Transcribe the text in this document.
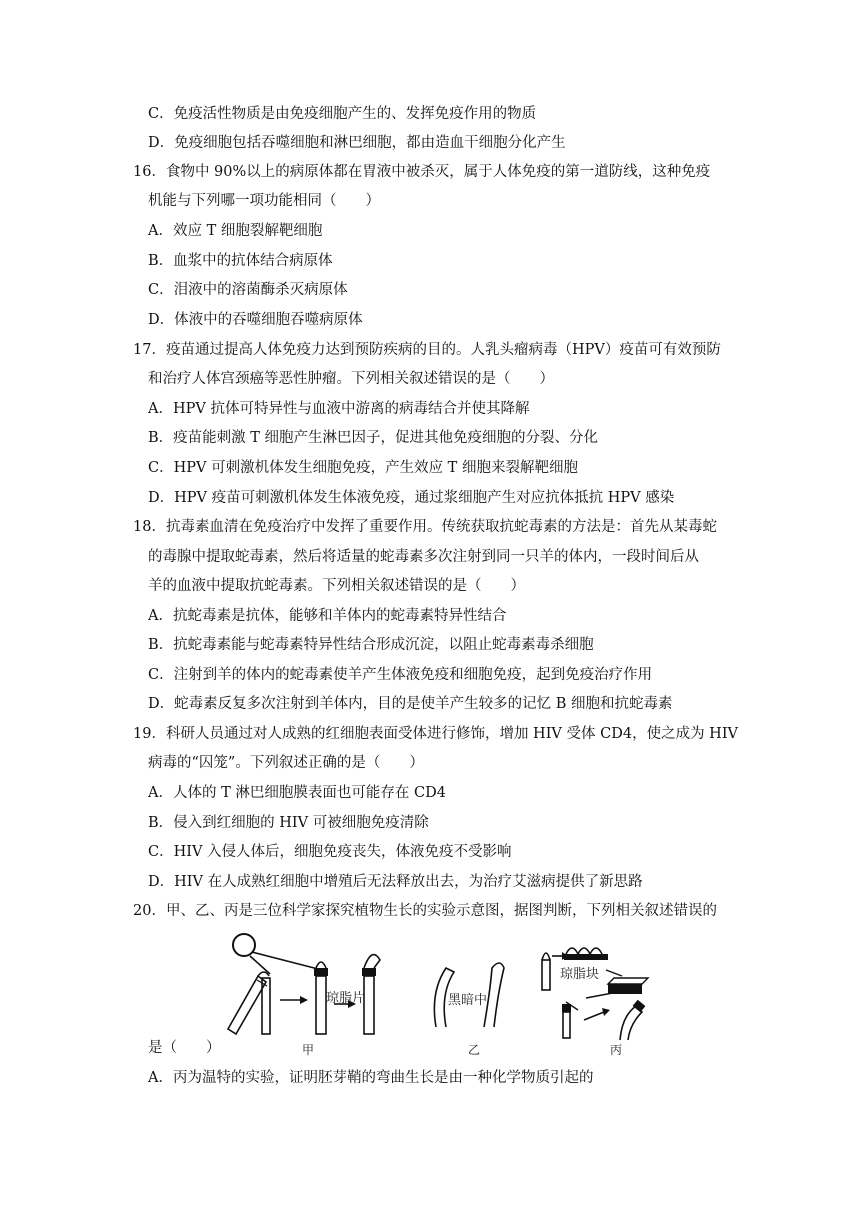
C．免疫活性物质是由免疫细胞产生的、发挥免疫作用的物质
D．免疫细胞包括吞噬细胞和淋巴细胞，都由造血干细胞分化产生
16．食物中 90%以上的病原体都在胃液中被杀灭，属于人体免疫的第一道防线，这种免疫
机能与下列哪一项功能相同（　　）
A．效应 T 细胞裂解靶细胞
B．血浆中的抗体结合病原体
C．泪液中的溶菌酶杀灭病原体
D．体液中的吞噬细胞吞噬病原体
17．疫苗通过提高人体免疫力达到预防疾病的目的。人乳头瘤病毒（HPV）疫苗可有效预防
和治疗人体宫颈癌等恶性肿瘤。下列相关叙述错误的是（　　）
A．HPV 抗体可特异性与血液中游离的病毒结合并使其降解
B．疫苗能刺激 T 细胞产生淋巴因子，促进其他免疫细胞的分裂、分化
C．HPV 可刺激机体发生细胞免疫，产生效应 T 细胞来裂解靶细胞
D．HPV 疫苗可刺激机体发生体液免疫，通过浆细胞产生对应抗体抵抗 HPV 感染
18．抗毒素血清在免疫治疗中发挥了重要作用。传统获取抗蛇毒素的方法是：首先从某毒蛇
的毒腺中提取蛇毒素，然后将适量的蛇毒素多次注射到同一只羊的体内，一段时间后从
羊的血液中提取抗蛇毒素。下列相关叙述错误的是（　　）
A．抗蛇毒素是抗体，能够和羊体内的蛇毒素特异性结合
B．抗蛇毒素能与蛇毒素特异性结合形成沉淀，以阻止蛇毒素毒杀细胞
C．注射到羊的体内的蛇毒素使羊产生体液免疫和细胞免疫，起到免疫治疗作用
D．蛇毒素反复多次注射到羊体内，目的是使羊产生较多的记忆 B 细胞和抗蛇毒素
19．科研人员通过对人成熟的红细胞表面受体进行修饰，增加 HIV 受体 CD4，使之成为 HIV
病毒的“囚笼”。下列叙述正确的是（　　）
A．人体的 T 淋巴细胞膜表面也可能存在 CD4
B．侵入到红细胞的 HIV 可被细胞免疫清除
C．HIV 入侵人体后，细胞免疫丧失，体液免疫不受影响
D．HIV 在人成熟红细胞中增殖后无法释放出去，为治疗艾滋病提供了新思路
20．甲、乙、丙是三位科学家探究植物生长的实验示意图，据图判断，下列相关叙述错误的
琼脂片
甲
黑暗中
乙
琼脂块
丙
是（　　）
A．丙为温特的实验，证明胚芽鞘的弯曲生长是由一种化学物质引起的
